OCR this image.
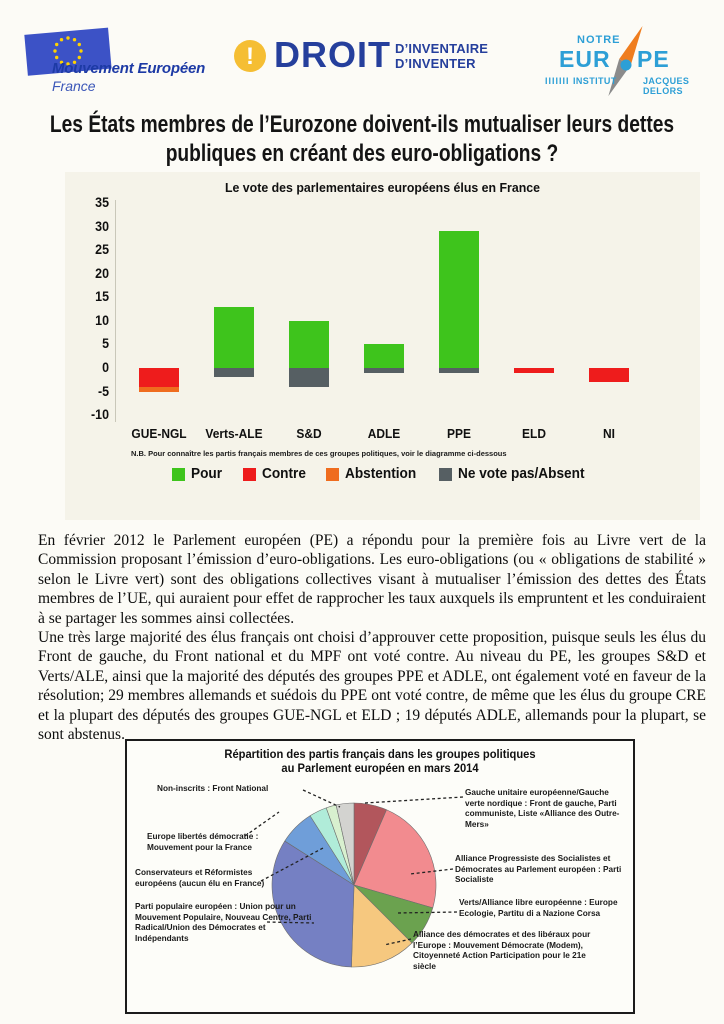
Mouvement Européen
France
! DROIT D’INVENTAIRE
D’INVENTER
NOTRE
EUR PE
IIIIIII INSTITUT	JACQUES DELORS
Les États membres de l’Eurozone doivent-ils mutualiser leurs dettes publiques en créant des euro-obligations ?
Le vote des parlementaires européens élus en France
N.B. Pour connaître les partis français membres de ces groupes politiques, voir le diagramme ci-dessous
Pour	Contre	Abstention	Ne vote pas/Absent
35
30
25
20
15
10
5
0
-5
-10
GUE-NGL	Verts-ALE	S&D	ADLE	PPE	ELD	NI

En février 2012 le Parlement européen (PE) a répondu pour la première fois au Livre vert de la Commission proposant l’émission d’euro-obligations. Les euro-obligations (ou « obligations de stabilité » selon le Livre vert) sont des obligations collectives visant à mutualiser l’émission des dettes des États membres de l’UE, qui auraient pour effet de rapprocher les taux auxquels ils empruntent et les conduiraient à se partager les sommes ainsi collectées.

Une très large majorité des élus français ont choisi d’approuver cette proposition, puisque seuls les élus du Front de gauche, du Front national et du MPF ont voté contre. Au niveau du PE, les groupes S&D et Verts/ALE, ainsi que la majorité des députés des groupes PPE et ADLE, ont également voté en faveur de la résolution; 29 membres allemands et suédois du PPE ont voté contre, de même que les élus du groupe CRE et la plupart des députés des groupes GUE-NGL et ELD ; 19 députés ADLE, allemands pour la plupart, se sont abstenus.

Répartition des partis français dans les groupes politiques
au Parlement européen en mars 2014
Non-inscrits : Front National
Europe libertés démocratie : Mouvement pour la France
Conservateurs et Réformistes européens (aucun élu en France)
Parti populaire européen : Union pour un Mouvement Populaire, Nouveau Centre, Parti Radical/Union des Démocrates et Indépendants
Gauche unitaire européenne/Gauche verte nordique : Front de gauche, Parti communiste, Liste «Alliance des Outre-Mers»
Alliance Progressiste des Socialistes et Démocrates au Parlement européen : Parti Socialiste
Verts/Alliance libre européenne : Europe Ecologie, Partitu di a Nazione Corsa
Alliance des démocrates et des libéraux pour l’Europe : Mouvement Démocrate (Modem), Citoyenneté Action Participation pour le 21e siècle
